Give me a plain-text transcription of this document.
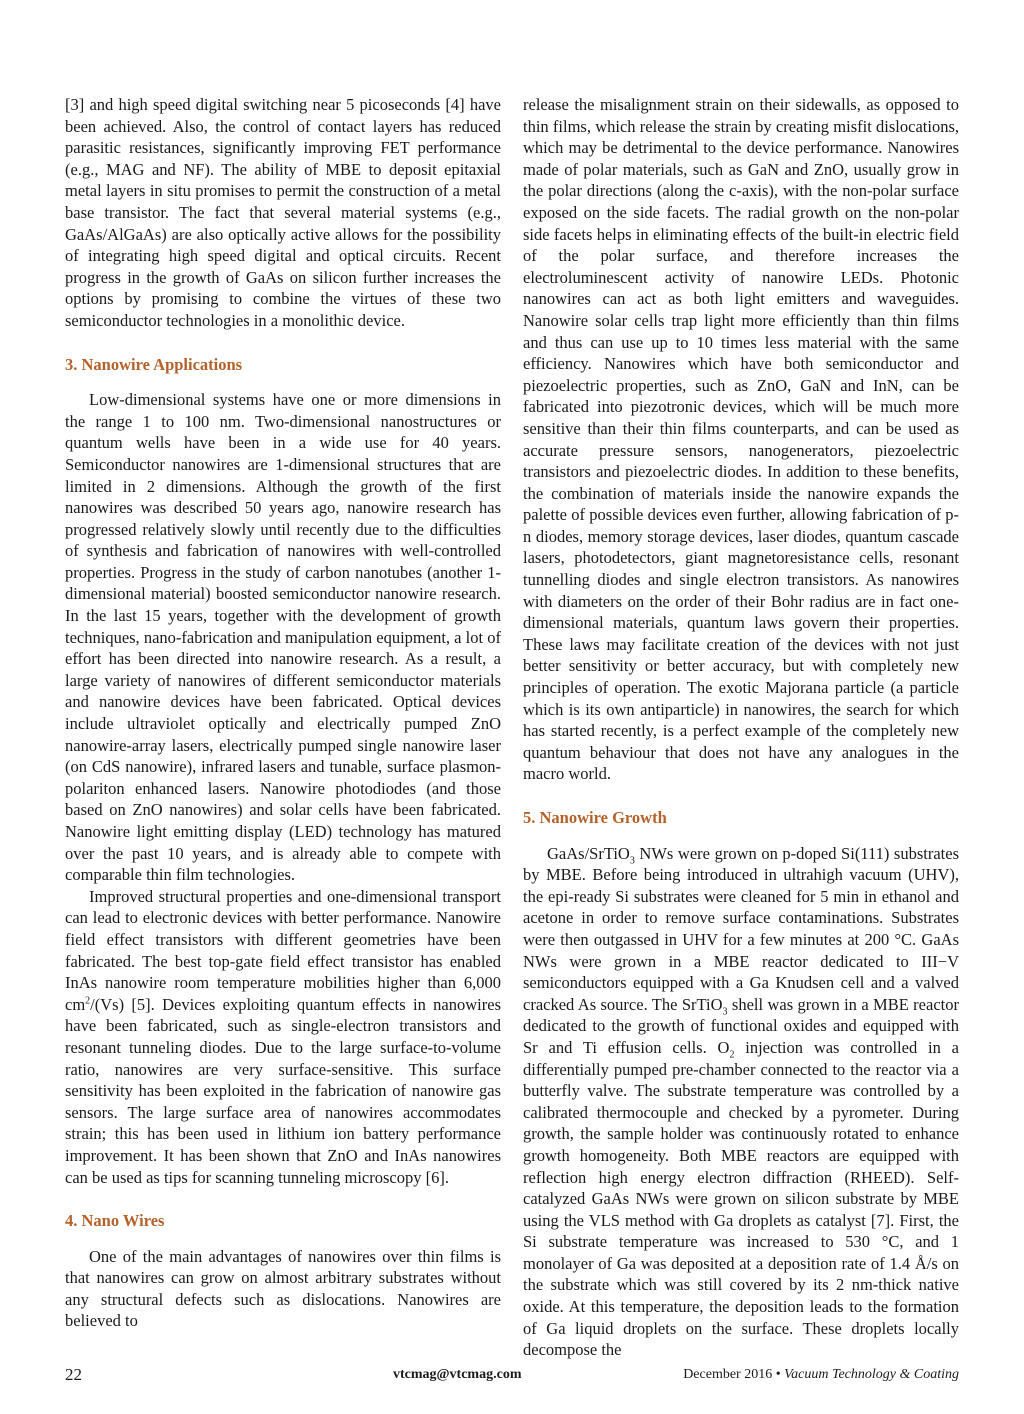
[3] and high speed digital switching near 5 picoseconds [4] have been achieved. Also, the control of contact layers has reduced parasitic resistances, significantly improving FET performance (e.g., MAG and NF). The ability of MBE to deposit epitaxial metal layers in situ promises to permit the construction of a metal base transistor. The fact that several material systems (e.g., GaAs/AlGaAs) are also optically active allows for the possibility of integrating high speed digital and optical circuits. Recent progress in the growth of GaAs on silicon further increases the options by promising to combine the virtues of these two semiconductor technologies in a monolithic device.

3. Nanowire Applications

Low-dimensional systems have one or more dimensions in the range 1 to 100 nm. Two-dimensional nanostructures or quantum wells have been in a wide use for 40 years. Semiconductor nanowires are 1-dimensional structures that are limited in 2 dimensions. Although the growth of the first nanowires was described 50 years ago, nanowire research has progressed relatively slowly until recently due to the difficulties of synthesis and fabrication of nanowires with well-controlled properties. Progress in the study of carbon nanotubes (another 1-dimensional material) boosted semiconductor nanowire research. In the last 15 years, together with the development of growth techniques, nano-fabrication and manipulation equipment, a lot of effort has been directed into nanowire research. As a result, a large variety of nanowires of different semiconductor materials and nanowire devices have been fabricated. Optical devices include ultraviolet optically and electrically pumped ZnO nanowire-array lasers, electrically pumped single nanowire laser (on CdS nanowire), infrared lasers and tunable, surface plasmon-polariton enhanced lasers. Nanowire photodiodes (and those based on ZnO nanowires) and solar cells have been fabricated. Nanowire light emitting display (LED) technology has matured over the past 10 years, and is already able to compete with comparable thin film technologies.

Improved structural properties and one-dimensional transport can lead to electronic devices with better performance. Nanowire field effect transistors with different geometries have been fabricated. The best top-gate field effect transistor has enabled InAs nanowire room temperature mobilities higher than 6,000 $cm^2/(Vs)$ [5]. Devices exploiting quantum effects in nanowires have been fabricated, such as single-electron transistors and resonant tunneling diodes. Due to the large surface-to-volume ratio, nanowires are very surface-sensitive. This surface sensitivity has been exploited in the fabrication of nanowire gas sensors. The large surface area of nanowires accommodates strain; this has been used in lithium ion battery performance improvement. It has been shown that ZnO and InAs nanowires can be used as tips for scanning tunneling microscopy [6].

4. Nano Wires

One of the main advantages of nanowires over thin films is that nanowires can grow on almost arbitrary substrates without any structural defects such as dislocations. Nanowires are believed to

release the misalignment strain on their sidewalls, as opposed to thin films, which release the strain by creating misfit dislocations, which may be detrimental to the device performance. Nanowires made of polar materials, such as GaN and ZnO, usually grow in the polar directions (along the c-axis), with the non-polar surface exposed on the side facets. The radial growth on the non-polar side facets helps in eliminating effects of the built-in electric field of the polar surface, and therefore increases the electroluminescent activity of nanowire LEDs. Photonic nanowires can act as both light emitters and waveguides. Nanowire solar cells trap light more efficiently than thin films and thus can use up to 10 times less material with the same efficiency. Nanowires which have both semiconductor and piezoelectric properties, such as ZnO, GaN and InN, can be fabricated into piezotronic devices, which will be much more sensitive than their thin films counterparts, and can be used as accurate pressure sensors, nanogenerators, piezoelectric transistors and piezoelectric diodes. In addition to these benefits, the combination of materials inside the nanowire expands the palette of possible devices even further, allowing fabrication of p-n diodes, memory storage devices, laser diodes, quantum cascade lasers, photodetectors, giant magnetoresistance cells, resonant tunnelling diodes and single electron transistors. As nanowires with diameters on the order of their Bohr radius are in fact one-dimensional materials, quantum laws govern their properties. These laws may facilitate creation of the devices with not just better sensitivity or better accuracy, but with completely new principles of operation. The exotic Majorana particle (a particle which is its own antiparticle) in nanowires, the search for which has started recently, is a perfect example of the completely new quantum behaviour that does not have any analogues in the macro world.

5. Nanowire Growth

GaAs/SrTiO$_3$ NWs were grown on p-doped Si(111) substrates by MBE. Before being introduced in ultrahigh vacuum (UHV), the epi-ready Si substrates were cleaned for 5 min in ethanol and acetone in order to remove surface contaminations. Substrates were then outgassed in UHV for a few minutes at 200 °C. GaAs NWs were grown in a MBE reactor dedicated to III−V semiconductors equipped with a Ga Knudsen cell and a valved cracked As source. The SrTiO$_3$ shell was grown in a MBE reactor dedicated to the growth of functional oxides and equipped with Sr and Ti effusion cells. $O_2$ injection was controlled in a differentially pumped pre-chamber connected to the reactor via a butterfly valve. The substrate temperature was controlled by a calibrated thermocouple and checked by a pyrometer. During growth, the sample holder was continuously rotated to enhance growth homogeneity. Both MBE reactors are equipped with reflection high energy electron diffraction (RHEED). Self-catalyzed GaAs NWs were grown on silicon substrate by MBE using the VLS method with Ga droplets as catalyst [7]. First, the Si substrate temperature was increased to 530 °C, and 1 monolayer of Ga was deposited at a deposition rate of 1.4 Å/s on the substrate which was still covered by its 2 nm-thick native oxide. At this temperature, the deposition leads to the formation of Ga liquid droplets on the surface. These droplets locally decompose the

22	vtcmag@vtcmag.com	December 2016 • Vacuum Technology & Coating
